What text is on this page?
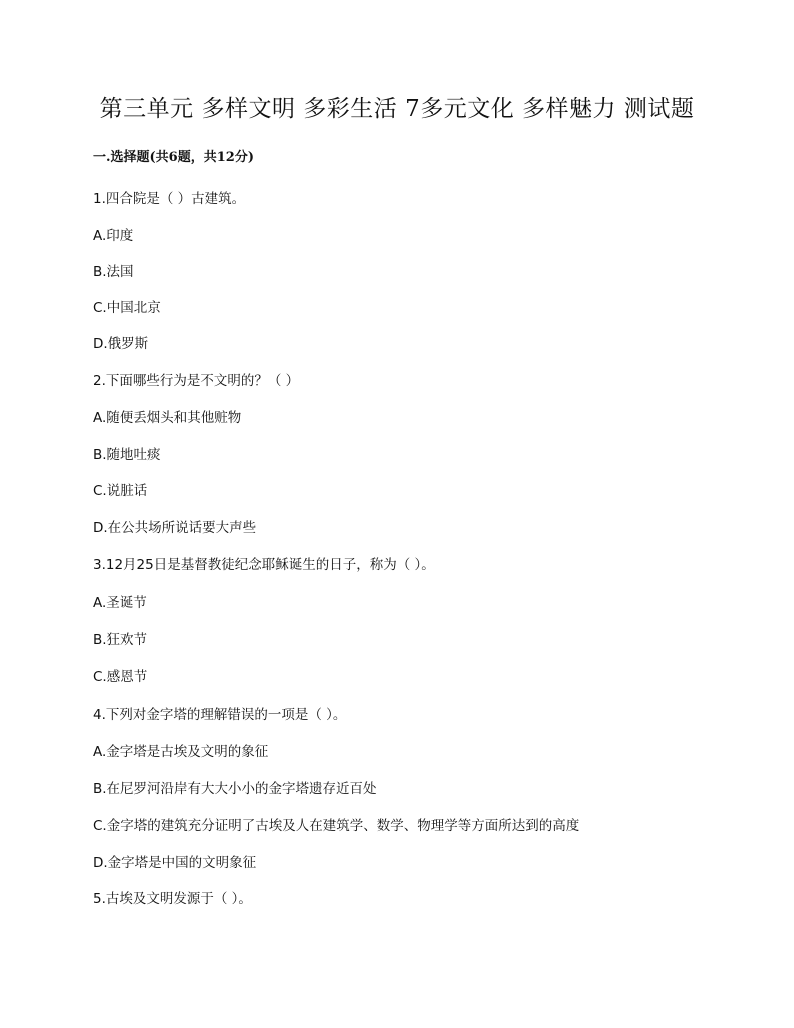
第三单元 多样文明 多彩生活 7多元文化 多样魅力 测试题
一.选择题(共6题，共12分)
1.四合院是（ ）古建筑。
A.印度
B.法国
C.中国北京
D.俄罗斯
2.下面哪些行为是不文明的？（ ）
A.随便丢烟头和其他赃物
B.随地吐痰
C.说脏话
D.在公共场所说话要大声些
3.12月25日是基督教徒纪念耶稣诞生的日子，称为（ ）。
A.圣诞节
B.狂欢节
C.感恩节
4.下列对金字塔的理解错误的一项是（ ）。
A.金字塔是古埃及文明的象征
B.在尼罗河沿岸有大大小小的金字塔遗存近百处
C.金字塔的建筑充分证明了古埃及人在建筑学、数学、物理学等方面所达到的高度
D.金字塔是中国的文明象征
5.古埃及文明发源于（ ）。
